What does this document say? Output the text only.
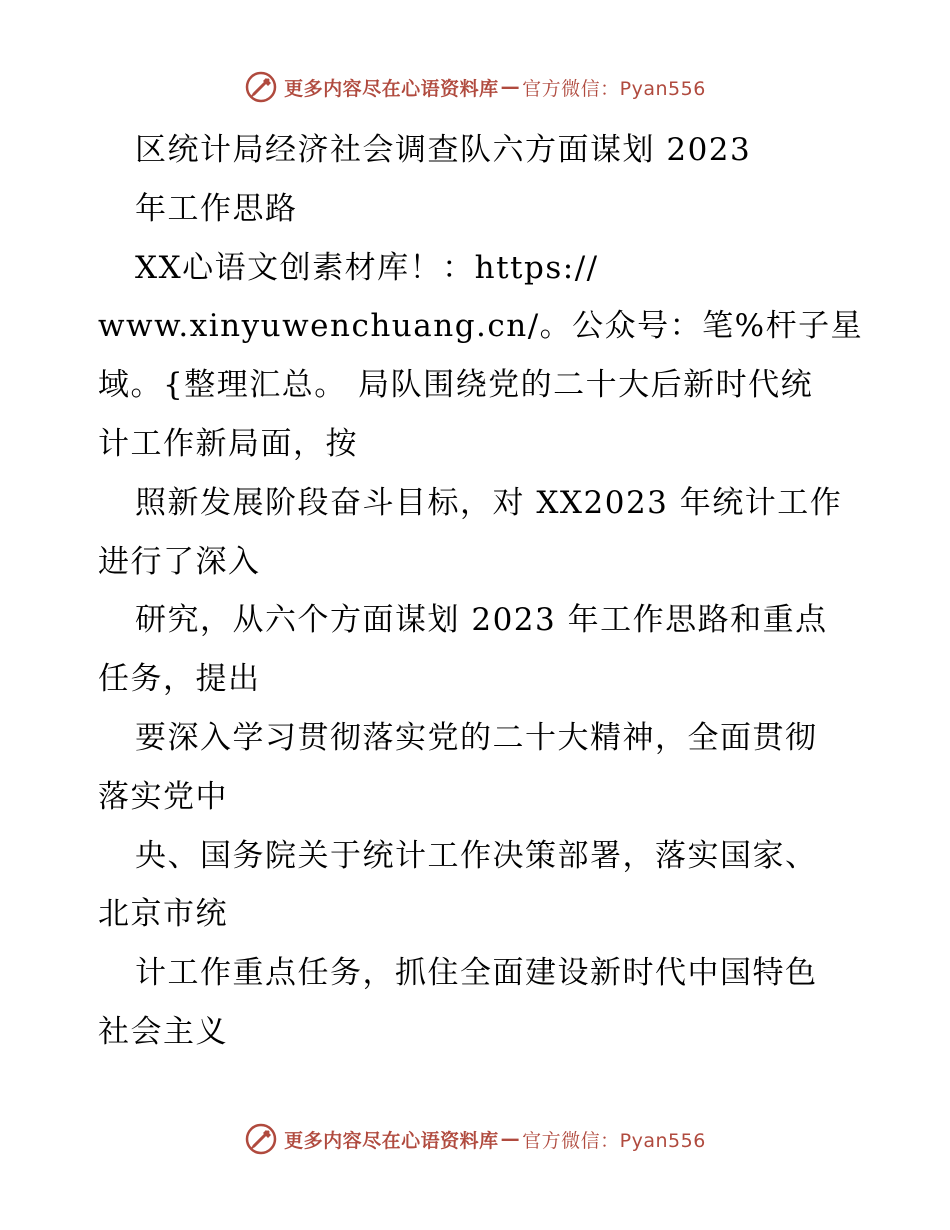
更多内容尽在心语资料库 — 官方微信：Pyan556
区统计局经济社会调查队六方面谋划 2023
年工作思路
XX心语文创素材库！：https://
www.xinyuwenchuang.cn/。公众号：笔%杆子星
域。{整理汇总。 局队围绕党的二十大后新时代统
计工作新局面，按
照新发展阶段奋斗目标，对 XX2023 年统计工作
进行了深入
研究，从六个方面谋划 2023 年工作思路和重点
任务，提出
要深入学习贯彻落实党的二十大精神，全面贯彻
落实党中
央、国务院关于统计工作决策部署，落实国家、
北京市统
计工作重点任务，抓住全面建设新时代中国特色
社会主义
更多内容尽在心语资料库 — 官方微信：Pyan556
